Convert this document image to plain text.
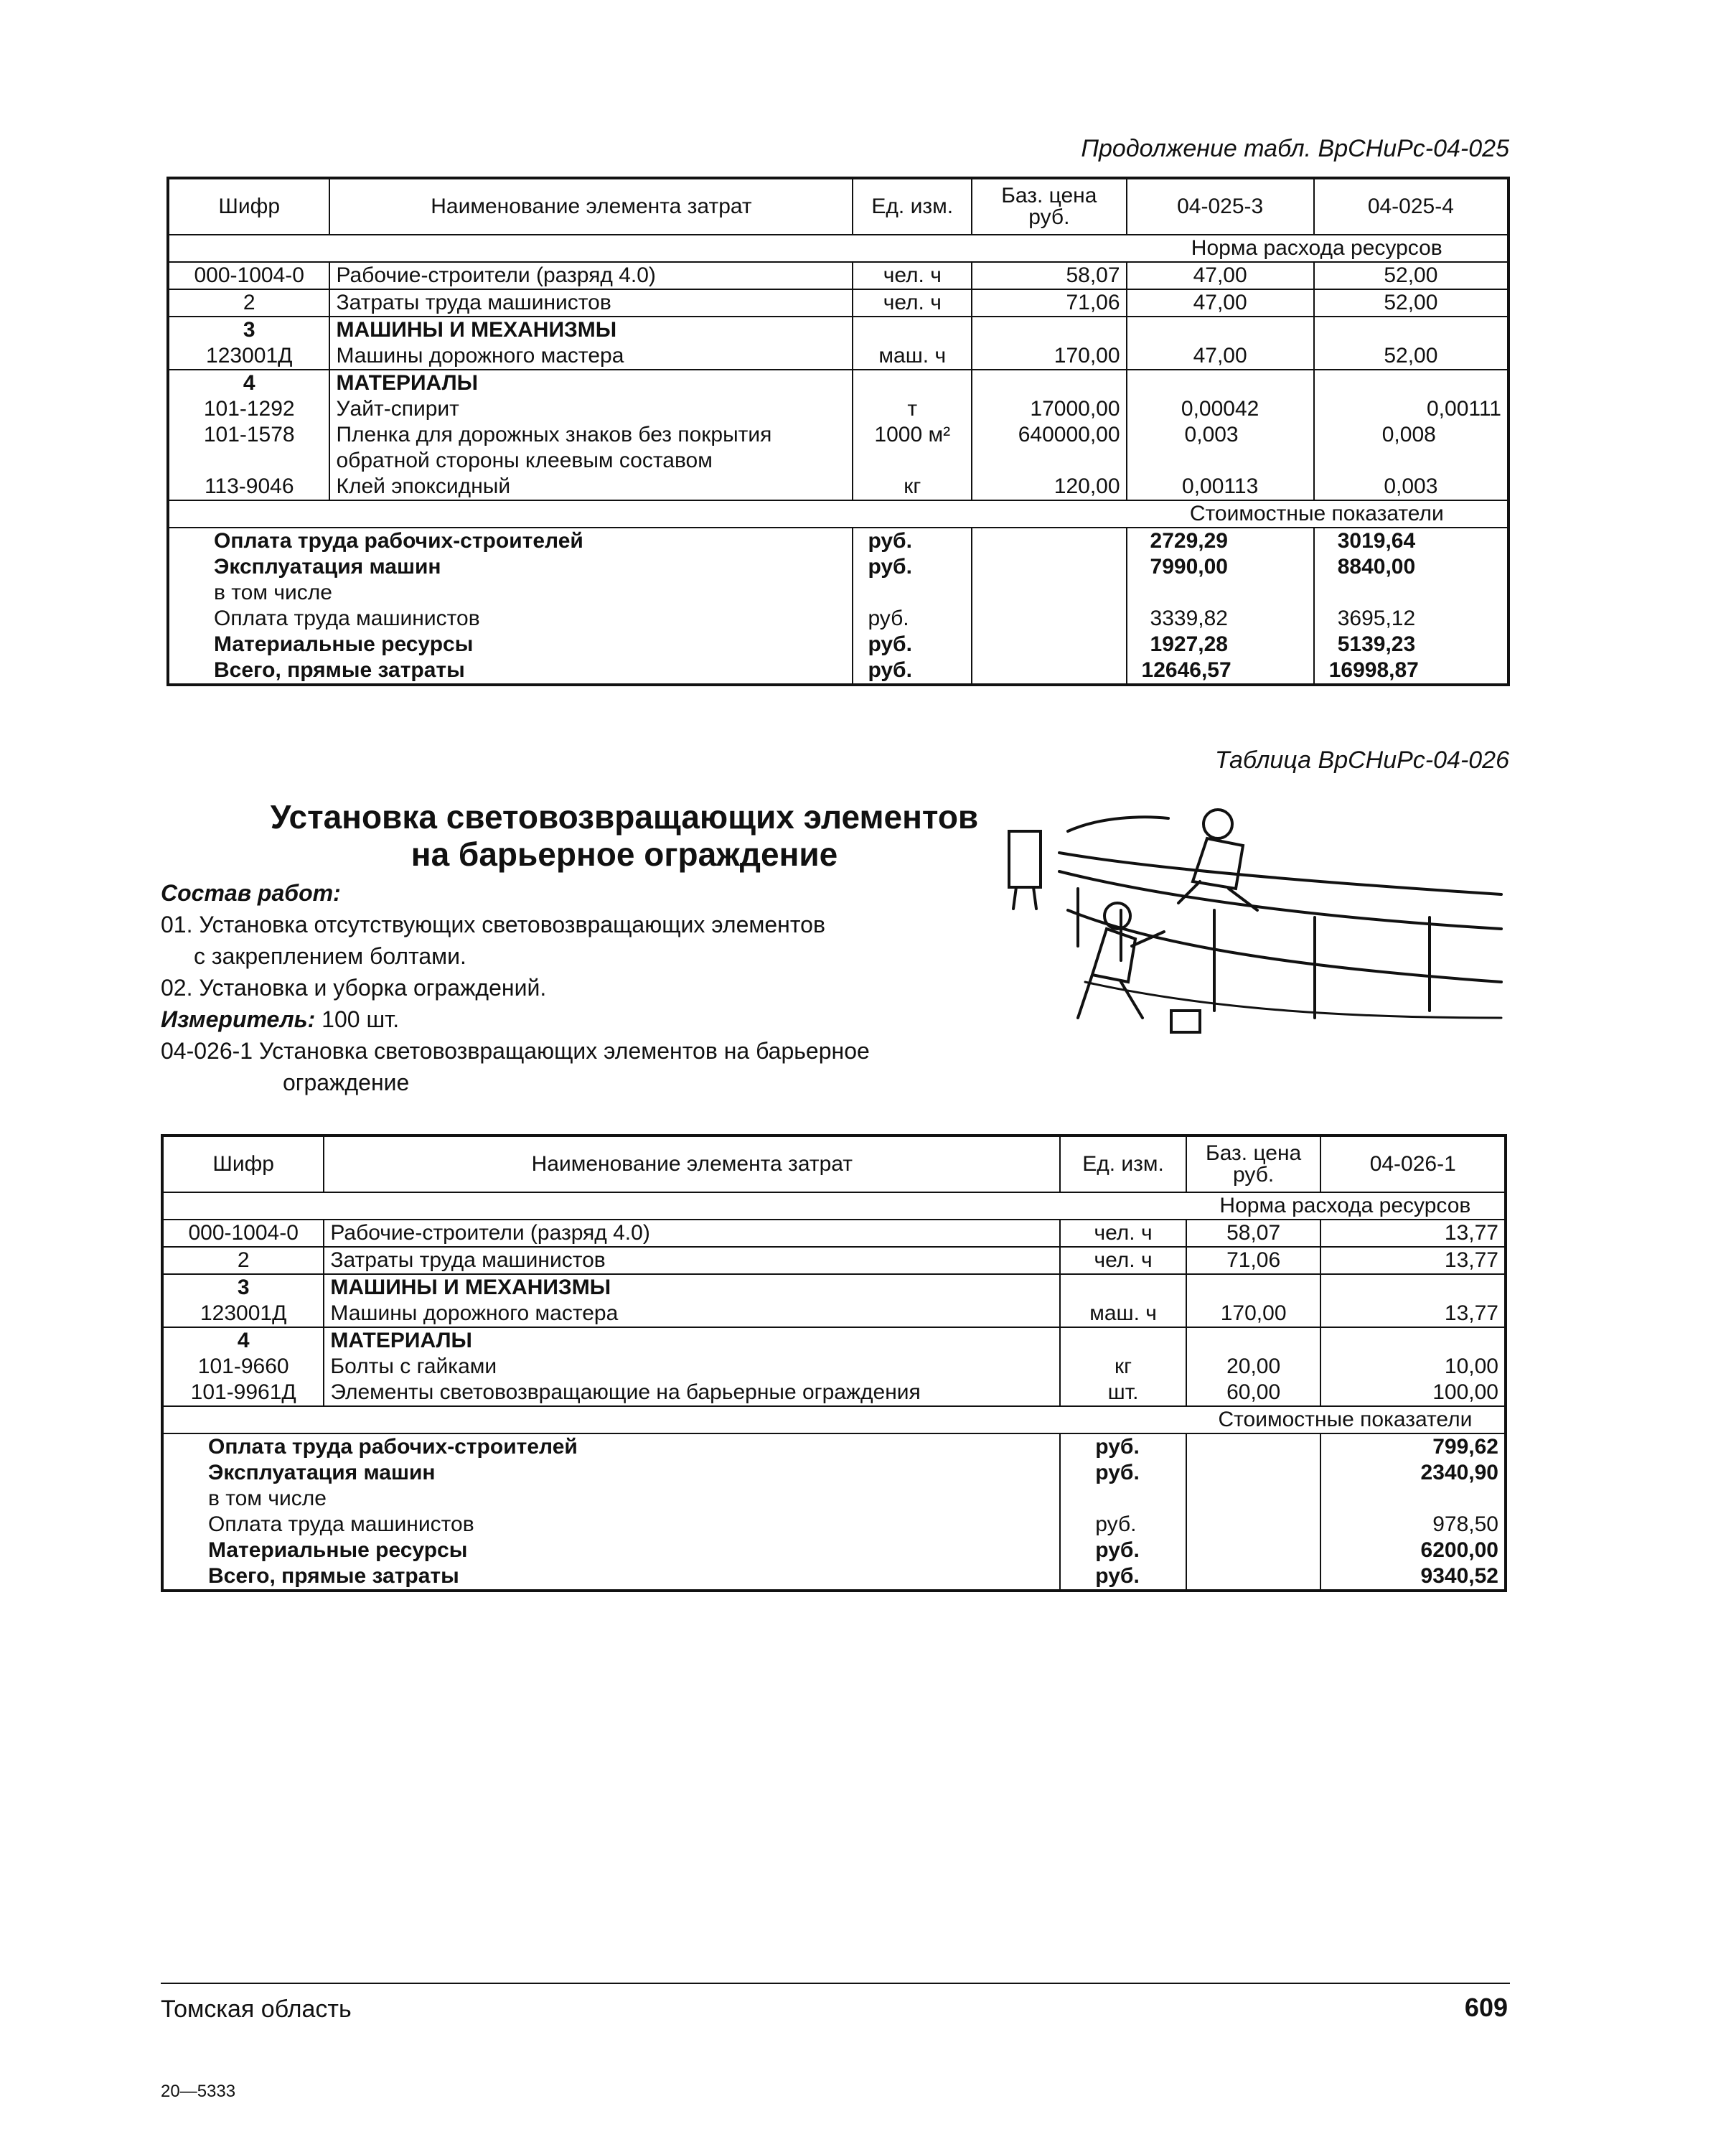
Продолжение табл. ВрСНиРс-04-025
Шифр	Наименование элемента затрат	Ед. изм.	Баз. цена руб.	04-025-3	04-025-4
				Норма расхода ресурсов	
000-1004-0	Рабочие-строители (разряд 4.0)	чел. ч	58,07	47,00	52,00
2	Затраты труда машинистов	чел. ч	71,06	47,00	52,00
3	МАШИНЫ И МЕХАНИЗМЫ				
123001Д	Машины дорожного мастера	маш. ч	170,00	47,00	52,00
4	МАТЕРИАЛЫ				
101-1292	Уайт-спирит	т	17000,00	0,00042	0,00111
101-1578	Пленка для дорожных знаков без покрытия	1000 м²	640000,00	0,003	0,008
	обратной стороны клеевым составом				
113-9046	Клей эпоксидный	кг	120,00	0,00113	0,003
				Стоимостные показатели	
Оплата труда рабочих-строителей		руб.		2729,29	3019,64
Эксплуатация машин		руб.		7990,00	8840,00
в том числе					
Оплата труда машинистов		руб.		3339,82	3695,12
Материальные ресурсы		руб.		1927,28	5139,23
Всего, прямые затраты		руб.		12646,57	16998,87
Таблица ВрСНиРс-04-026
Установка световозвращающих элементов
на барьерное ограждение
Состав работ:
01. Установка отсутствующих световозвращающих элементов
с закреплением болтами.
02. Установка и уборка ограждений.
Измеритель: 100 шт.
04-026-1 Установка световозвращающих элементов на барьерное
ограждение
Шифр	Наименование элемента затрат	Ед. изм.	Баз. цена руб.	04-026-1
			Норма расхода ресурсов	
000-1004-0	Рабочие-строители (разряд 4.0)	чел. ч	58,07	13,77
2	Затраты труда машинистов	чел. ч	71,06	13,77
3	МАШИНЫ И МЕХАНИЗМЫ			
123001Д	Машины дорожного мастера	маш. ч	170,00	13,77
4	МАТЕРИАЛЫ			
101-9660	Болты с гайками	кг	20,00	10,00
101-9961Д	Элементы световозвращающие на барьерные ограждения	шт.	60,00	100,00
			Стоимостные показатели	
Оплата труда рабочих-строителей		руб.		799,62
Эксплуатация машин		руб.		2340,90
в том числе				
Оплата труда машинистов		руб.		978,50
Материальные ресурсы		руб.		6200,00
Всего, прямые затраты		руб.		9340,52
Томская область	609
20—5333
